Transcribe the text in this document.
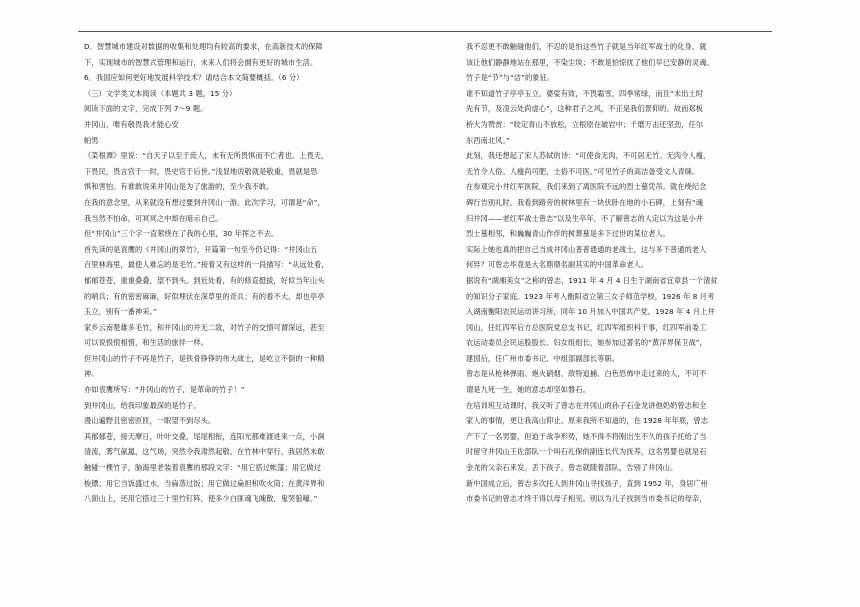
D．智慧城市建设对数据的收集和处理均有较高的要求，在高新技术的保障
下，实现城市的智慧式管理和运行，未来人们将会拥有更好的城市生活。
6．我国应如何更好地发展科学技术？请结合本文简要概括。（6 分）
（三）文学类文本阅读（本题共 3 题，15 分）
阅读下面的文字，完成下列 7～9 题。
井冈山，唯有敬畏我才能心安
帕男
《菜根谭》里说：“自天子以至于庶人，未有无所畏惧而不亡者也。上畏天，
下畏民，畏言官于一时，畏史官于后世。”浅显地说敬就是敬重，畏就是恐
惧和害怕。有谁敢说来井冈山是为了旅游的，至少我不敢。
在我的意念里，从来就没有想过要到井冈山一游。此次学习，可谓是“命”，
我当然不怕命，可冥冥之中却在暗示自己。
但“井冈山”三个字一直萦绕在了我的心里，30 年挥之不去。
首先读的是袁鹰的《井冈山的翠竹》，开篇第一句至今仍记得：“井冈山五
百里林海里，最使人难忘的是毛竹。”接着又有这样的一段描写：“从远处看，
郁郁苍苍，重重叠叠，望不到头。到近处看，有的修直挺拔，好似当年山头
的哨兵；有的密密麻麻，好似埋伏在深草里的奇兵；有的看不大，却也亭亭
玉立，别有一番神采。”
家乡云南楚雄多毛竹，和井冈山的并无二致，对竹子的交情可谓深远，甚至
可以说恨恨相惜，和生活的旅伴一样。
但井冈山的竹子不再是竹子，是铁骨铮铮的伟大战士，是屹立不倒的一种精
神。
亦如袁鹰所写：“井冈山的竹子，是革命的竹子！”
到井冈山，给我印象最深的是竹子。
漫山遍野且密密匝匝，一眼望不到尽头。
其郁郁苍，接天摩日，叶叶交叠，尾尾相衔，连阳光都难渡进来一点，小涧
清流，雾气氤氲，这气场，突然令我肃然起敬。在竹林中穿行，我居然未敢
触碰一棵竹子，脑海里老装着袁鹰的那段文字：“用它搭过帐篷；用它做过
梭镖；用它当饭盛过水，当扁蒸过饭；用它做过扁担和吹火筒；在黄洋界和
八面山上，还用它搭过三十里竹钉阵，使多少白匪魂飞魄散，鬼哭狼嚎。”
我不忍更不敢触碰他们，不忍的是怕这些竹子就是当年红军战士的化身，就
该让他们静静地站在那里，不染尘埃；不敢是怕惊扰了他们早已安静的灵魂。
竹子是“节”与“洁”的象征。
谁不知道竹子亭亭玉立，婆娑有致，不畏霜雪，四季常绿，而且“未出土时
先有节，及凌云处尚虚心”，这种君子之风，不正是我们景仰的。故而郑板
桥大为赞赏：“咬定青山不放松，立根原在破岩中；千磨万击还坚劲，任尔
东西南北风。”
此刻，我还想起了宋人苏轼的诗：“可使食无肉，不可居无竹。无肉令人瘦，
无竹令人俗。人瘦尚可肥，士俗不可医。”可见竹子的高洁备受文人青睐。
在参观完小井红军医院，我们来到了离医院不远的烈士墓凭吊。就在绕纪念
碑行告别礼时，我看到路旁的树林里有一块伏卧在地的小石碑，上刻有“魂
归井冈——老红军战士曾志”以及生卒年，不了解曾志的人定以为这是小井
烈士墓相邻，和巍巍青山作伴的树葬墓是多下过世的某位老人。
实际上她也真的把自己当成井冈山普普通通的老战士，这与多下普通的老人
何异？可曾志毕竟是大名鼎鼎名副其实的中国革命老人。
据说有“湖湘美女”之称的曾志，1911 年 4 月 4 日生于湖南省宜章县一个清贫
的知识分子家庭。1923 年考入衡阳省立第三女子师范学校，1926 年 8 月考
入湖南衡阳农民运动讲习所，同年 10 月加入中国共产党。1928 年 4 月上井
冈山，任红四军后方总医院党总支书记，红四军组织科干事，红四军前委工
农运动委员会民运股股长、妇女组组长，她参加过著名的“黄洋界保卫战”，
建国后，任广州市委书记、中组部副部长等职。
曾志是从枪林弹雨、炮火硝烟、敌特追捕、白色恐怖中走过来的人，不可不
谓是九死一生，她的意志却坚如磐石。
在培训班互动课时，我又听了曾志在井冈山的孙子石金龙讲他奶奶曾志和全
家人的事情，更让我高山仰止。原来我所不知道的，在 1928 年年底，曾志
产下了一名男婴，但迫于战争形势，她不得不将刚出生不久的孩子托给了当
时留守井冈山王佐部队一个叫石礼保的副连长代为抚养，这名男婴也就是石
金龙的父亲石来发。丢下孩子，曾志就随着部队，告别了井冈山。
新中国成立后，曾志多次托人到井冈山寻找孩子，直到 1952 年，身居广州
市委书记的曾志才终于得以母子相见。别以为儿子找到当市委书记的母亲，
